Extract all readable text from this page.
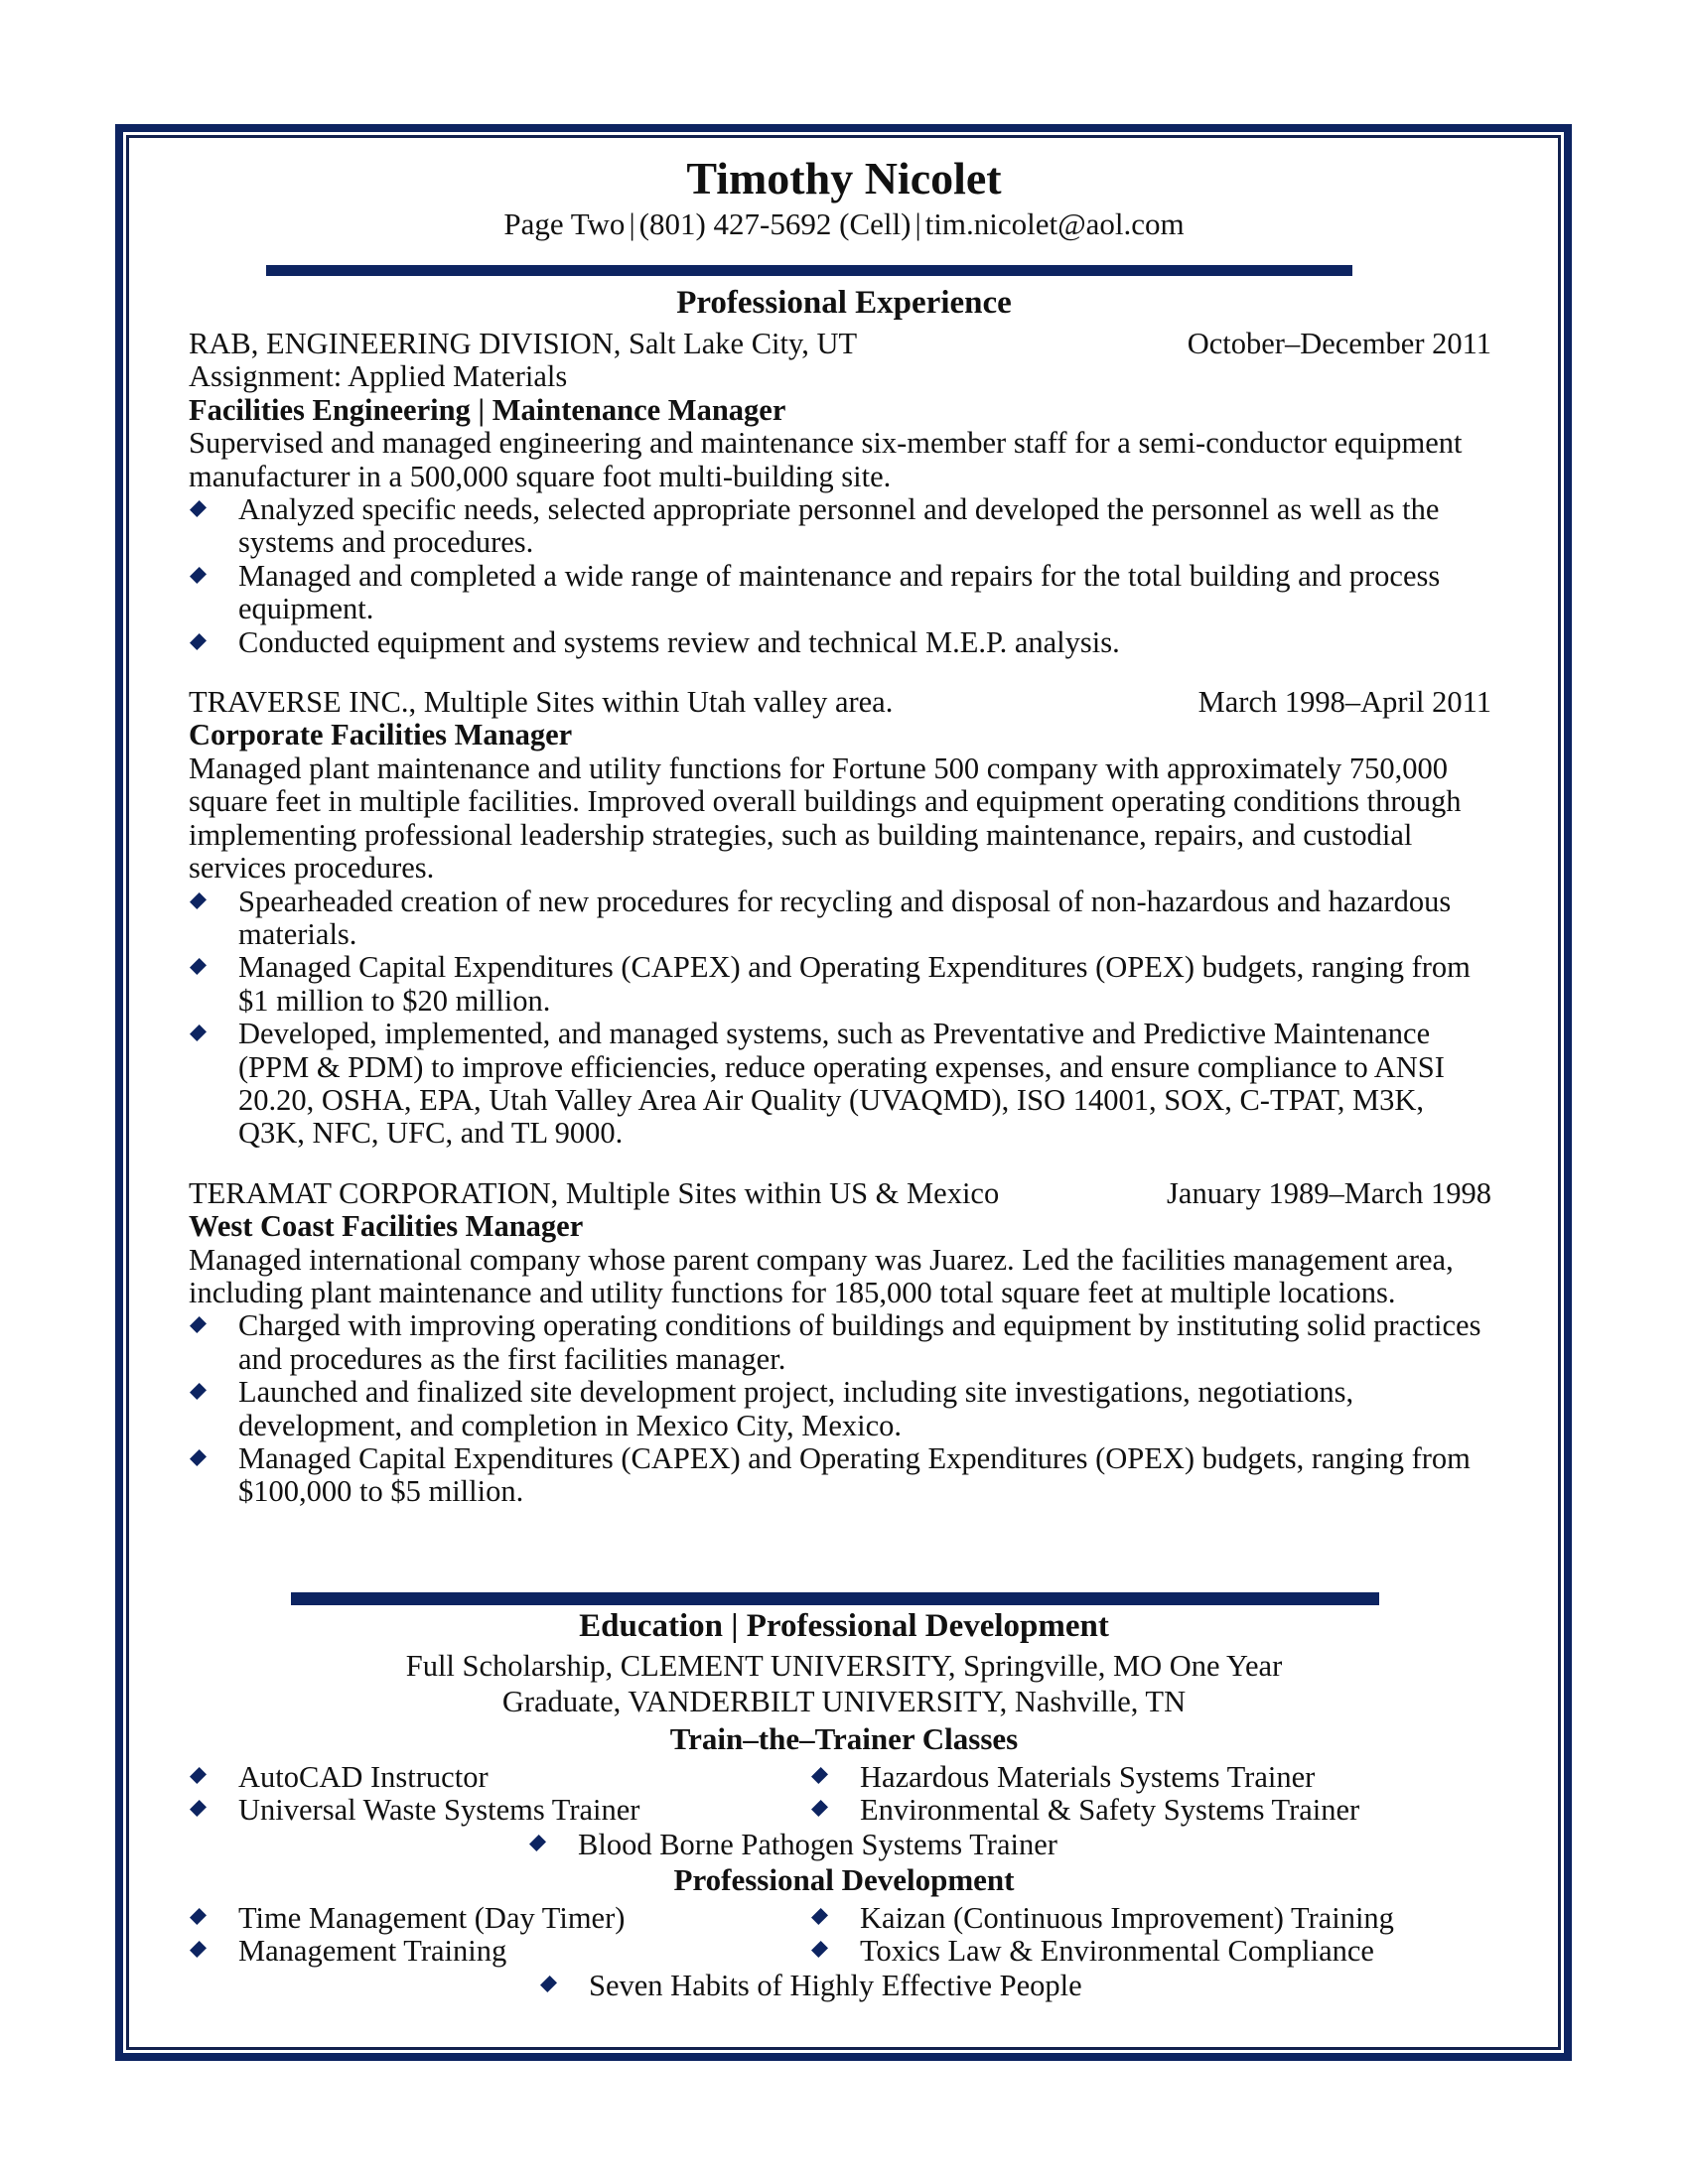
Timothy Nicolet
Page Two | (801) 427-5692 (Cell) | tim.nicolet@aol.com
Professional Experience
RAB, ENGINEERING DIVISION, Salt Lake City, UT	October–December 2011
Assignment: Applied Materials
Facilities Engineering | Maintenance Manager

Supervised and managed engineering and maintenance six-member staff for a semi-conductor equipment manufacturer in a 500,000 square foot multi-building site.

Analyzed specific needs, selected appropriate personnel and developed the personnel as well as the systems and procedures.
Managed and completed a wide range of maintenance and repairs for the total building and process equipment.
Conducted equipment and systems review and technical M.E.P. analysis.
TRAVERSE INC., Multiple Sites within Utah valley area.	March 1998–April 2011
Corporate Facilities Manager

Managed plant maintenance and utility functions for Fortune 500 company with approximately 750,000 square feet in multiple facilities. Improved overall buildings and equipment operating conditions through implementing professional leadership strategies, such as building maintenance, repairs, and custodial services procedures.

Spearheaded creation of new procedures for recycling and disposal of non-hazardous and hazardous materials.
Managed Capital Expenditures (CAPEX) and Operating Expenditures (OPEX) budgets, ranging from $1 million to $20 million.
Developed, implemented, and managed systems, such as Preventative and Predictive Maintenance (PPM & PDM) to improve efficiencies, reduce operating expenses, and ensure compliance to ANSI 20.20, OSHA, EPA, Utah Valley Area Air Quality (UVAQMD), ISO 14001, SOX, C-TPAT, M3K, Q3K, NFC, UFC, and TL 9000.
TERAMAT CORPORATION, Multiple Sites within US & Mexico	January 1989–March 1998
West Coast Facilities Manager

Managed international company whose parent company was Juarez. Led the facilities management area, including plant maintenance and utility functions for 185,000 total square feet at multiple locations.

Charged with improving operating conditions of buildings and equipment by instituting solid practices and procedures as the first facilities manager.
Launched and finalized site development project, including site investigations, negotiations, development, and completion in Mexico City, Mexico.
Managed Capital Expenditures (CAPEX) and Operating Expenditures (OPEX) budgets, ranging from $100,000 to $5 million.
Education | Professional Development
Full Scholarship, CLEMENT UNIVERSITY, Springville, MO One Year
Graduate, VANDERBILT UNIVERSITY, Nashville, TN
Train–the–Trainer Classes
AutoCAD Instructor	Hazardous Materials Systems Trainer
Universal Waste Systems Trainer	Environmental & Safety Systems Trainer
Blood Borne Pathogen Systems Trainer
Professional Development
Time Management (Day Timer)	Kaizan (Continuous Improvement) Training
Management Training	Toxics Law & Environmental Compliance
Seven Habits of Highly Effective People
